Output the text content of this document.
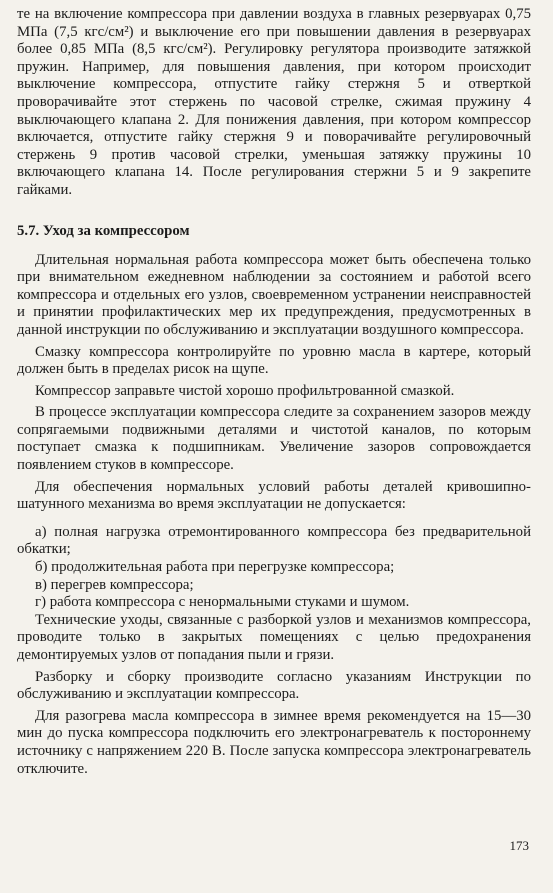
те на включение компрессора при давлении воздуха в главных резервуарах 0,75 МПа (7,5 кгс/см²) и выключение его при повышении давления в резервуарах более 0,85 МПа (8,5 кгс/см²). Регулировку регулятора производите затяжкой пружин. Например, для повышения давления, при котором происходит выключение компрессора, отпустите гайку стержня 5 и отверткой проворачивайте этот стержень по часовой стрелке, сжимая пружину 4 выключающего клапана 2. Для понижения давления, при котором компрессор включается, отпустите гайку стержня 9 и поворачивайте регулировочный стержень 9 против часовой стрелки, уменьшая затяжку пружины 10 включающего клапана 14. После регулирования стержни 5 и 9 закрепите гайками.

5.7. Уход за компрессором

Длительная нормальная работа компрессора может быть обеспечена только при внимательном ежедневном наблюдении за состоянием и работой всего компрессора и отдельных его узлов, своевременном устранении неисправностей и принятии профилактических мер их предупреждения, предусмотренных в данной инструкции по обслуживанию и эксплуатации воздушного компрессора.

Смазку компрессора контролируйте по уровню масла в картере, который должен быть в пределах рисок на щупе.

Компрессор заправьте чистой хорошо профильтрованной смазкой.

В процессе эксплуатации компрессора следите за сохранением зазоров между сопрягаемыми подвижными деталями и чистотой каналов, по которым поступает смазка к подшипникам. Увеличение зазоров сопровождается появлением стуков в компрессоре.

Для обеспечения нормальных условий работы деталей кривошипно-шатунного механизма во время эксплуатации не допускается:

а) полная нагрузка отремонтированного компрессора без предварительной обкатки;

б) продолжительная работа при перегрузке компрессора;

в) перегрев компрессора;

г) работа компрессора с ненормальными стуками и шумом.

Технические уходы, связанные с разборкой узлов и механизмов компрессора, проводите только в закрытых помещениях с целью предохранения демонтируемых узлов от попадания пыли и грязи.

Разборку и сборку производите согласно указаниям Инструкции по обслуживанию и эксплуатации компрессора.

Для разогрева масла компрессора в зимнее время рекомендуется на 15—30 мин до пуска компрессора подключить его электронагреватель к постороннему источнику с напряжением 220 В. После запуска компрессора электронагреватель отключите.

173
